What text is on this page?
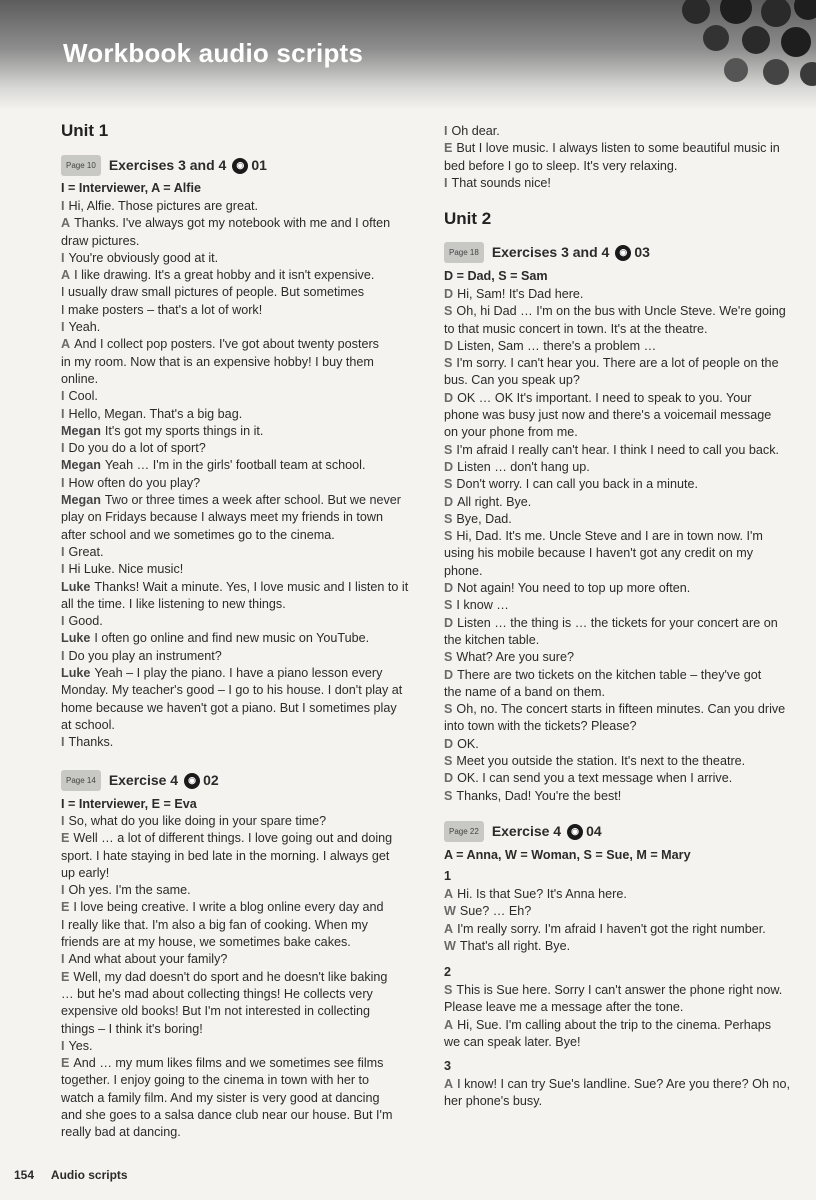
Workbook audio scripts
Unit 1
Page 10 Exercises 3 and 4	◉ 01
I = Interviewer, A = Alfie
I Hi, Alfie. Those pictures are great.
A Thanks. I've always got my notebook with me and I often
draw pictures.
I You're obviously good at it.
A I like drawing. It's a great hobby and it isn't expensive.
I usually draw small pictures of people. But sometimes
I make posters – that's a lot of work!
I Yeah.
A And I collect pop posters. I've got about twenty posters
in my room. Now that is an expensive hobby! I buy them
online.
I Cool.
I Hello, Megan. That's a big bag.
Megan It's got my sports things in it.
I Do you do a lot of sport?
Megan Yeah … I'm in the girls' football team at school.
I How often do you play?
Megan Two or three times a week after school. But we never
play on Fridays because I always meet my friends in town
after school and we sometimes go to the cinema.
I Great.
I Hi Luke. Nice music!
Luke Thanks! Wait a minute. Yes, I love music and I listen to it
all the time. I like listening to new things.
I Good.
Luke I often go online and find new music on YouTube.
I Do you play an instrument?
Luke Yeah – I play the piano. I have a piano lesson every
Monday. My teacher's good – I go to his house. I don't play at
home because we haven't got a piano. But I sometimes play
at school.
I Thanks.
Page 14 Exercise 4	◉ 02
I = Interviewer, E = Eva
I So, what do you like doing in your spare time?
E Well … a lot of different things. I love going out and doing
sport. I hate staying in bed late in the morning. I always get
up early!
I Oh yes. I'm the same.
E I love being creative. I write a blog online every day and
I really like that. I'm also a big fan of cooking. When my
friends are at my house, we sometimes bake cakes.
I And what about your family?
E Well, my dad doesn't do sport and he doesn't like baking
… but he's mad about collecting things! He collects very
expensive old books! But I'm not interested in collecting
things – I think it's boring!
I Yes.
E And … my mum likes films and we sometimes see films
together. I enjoy going to the cinema in town with her to
watch a family film. And my sister is very good at dancing
and she goes to a salsa dance club near our house. But I'm
really bad at dancing.
I Oh dear.
E But I love music. I always listen to some beautiful music in
bed before I go to sleep. It's very relaxing.
I That sounds nice!
Unit 2
Page 18 Exercises 3 and 4	◉ 03
D = Dad, S = Sam
D Hi, Sam! It's Dad here.
S Oh, hi Dad … I'm on the bus with Uncle Steve. We're going
to that music concert in town. It's at the theatre.
D Listen, Sam … there's a problem …
S I'm sorry. I can't hear you. There are a lot of people on the
bus. Can you speak up?
D OK … OK It's important. I need to speak to you. Your
phone was busy just now and there's a voicemail message
on your phone from me.
S I'm afraid I really can't hear. I think I need to call you back.
D Listen … don't hang up.
S Don't worry. I can call you back in a minute.
D All right. Bye.
S Bye, Dad.
S Hi, Dad. It's me. Uncle Steve and I are in town now. I'm
using his mobile because I haven't got any credit on my
phone.
D Not again! You need to top up more often.
S I know …
D Listen … the thing is … the tickets for your concert are on
the kitchen table.
S What? Are you sure?
D There are two tickets on the kitchen table – they've got
the name of a band on them.
S Oh, no. The concert starts in fifteen minutes. Can you drive
into town with the tickets? Please?
D OK.
S Meet you outside the station. It's next to the theatre.
D OK. I can send you a text message when I arrive.
S Thanks, Dad! You're the best!
Page 22 Exercise 4	◉ 04
A = Anna, W = Woman, S = Sue, M = Mary
1
A Hi. Is that Sue? It's Anna here.
W Sue? … Eh?
A I'm really sorry. I'm afraid I haven't got the right number.
W That's all right. Bye.
2
S This is Sue here. Sorry I can't answer the phone right now.
Please leave me a message after the tone.
A Hi, Sue. I'm calling about the trip to the cinema. Perhaps
we can speak later. Bye!
3
A I know! I can try Sue's landline. Sue? Are you there? Oh no,
her phone's busy.
154 Audio scripts
